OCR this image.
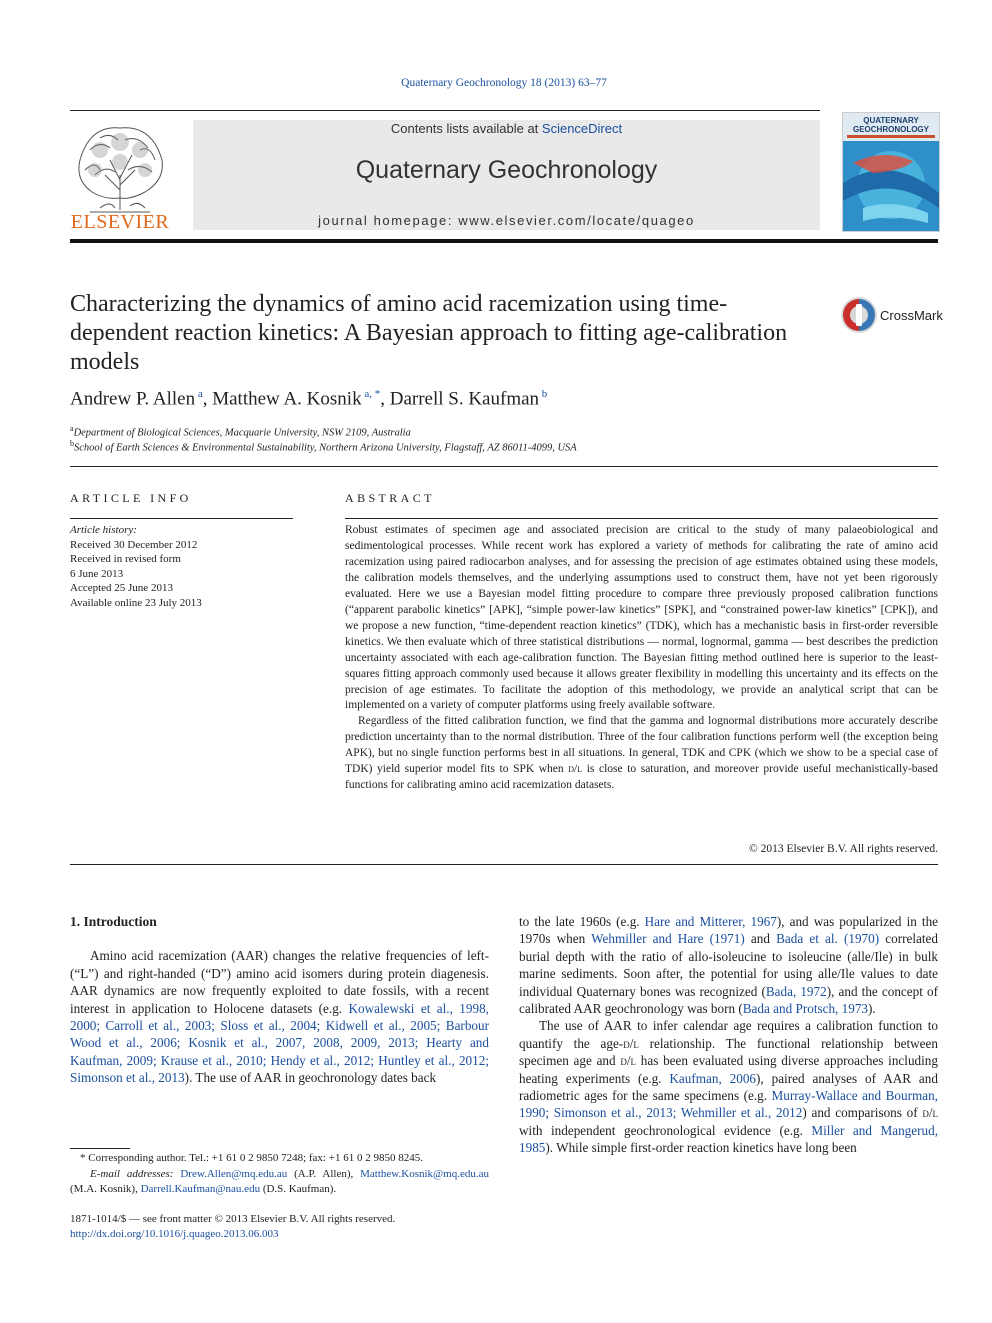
Quaternary Geochronology 18 (2013) 63–77
ELSEVIER
Contents lists available at ScienceDirect
Quaternary Geochronology
journal homepage: www.elsevier.com/locate/quageo
QUATERNARY
GEOCHRONOLOGY
Characterizing the dynamics of amino acid racemization using time-dependent reaction kinetics: A Bayesian approach to fitting age-calibration models
CrossMark
Andrew P. Allen $^a$, Matthew A. Kosnik $^{a, *}$, Darrell S. Kaufman $^b$
$^a$Department of Biological Sciences, Macquarie University, NSW 2109, Australia
$^b$School of Earth Sciences & Environmental Sustainability, Northern Arizona University, Flagstaff, AZ 86011-4099, USA
ARTICLE INFO	ABSTRACT
Article history:
Received 30 December 2012
Received in revised form
6 June 2013
Accepted 25 June 2013
Available online 23 July 2013

Robust estimates of specimen age and associated precision are critical to the study of many palaeobiological and sedimentological processes. While recent work has explored a variety of methods for calibrating the rate of amino acid racemization using paired radiocarbon analyses, and for assessing the precision of age estimates obtained using these models, the calibration models themselves, and the underlying assumptions used to construct them, have not yet been rigorously evaluated. Here we use a Bayesian model fitting procedure to compare three previously proposed calibration functions (“apparent parabolic kinetics” [APK], “simple power-law kinetics” [SPK], and “constrained power-law kinetics” [CPK]), and we propose a new function, “time-dependent reaction kinetics” (TDK), which has a mechanistic basis in first-order reversible kinetics. We then evaluate which of three statistical distributions — normal, lognormal, gamma — best describes the prediction uncertainty associated with each age-calibration function. The Bayesian fitting method outlined here is superior to the least-squares fitting approach commonly used because it allows greater flexibility in modelling this uncertainty and its effects on the precision of age estimates. To facilitate the adoption of this methodology, we provide an analytical script that can be implemented on a variety of computer platforms using freely available software.

Regardless of the fitted calibration function, we find that the gamma and lognormal distributions more accurately describe prediction uncertainty than to the normal distribution. Three of the four calibration functions perform well (the exception being APK), but no single function performs best in all situations. In general, TDK and CPK (which we show to be a special case of TDK) yield superior model fits to SPK when d/l is close to saturation, and moreover provide useful mechanistically-based functions for calibrating amino acid racemization datasets.

© 2013 Elsevier B.V. All rights reserved.

1. Introduction

Amino acid racemization (AAR) changes the relative frequencies of left- (“L”) and right-handed (“D”) amino acid isomers during protein diagenesis. AAR dynamics are now frequently exploited to date fossils, with a recent interest in application to Holocene datasets (e.g. Kowalewski et al., 1998, 2000; Carroll et al., 2003; Sloss et al., 2004; Kidwell et al., 2005; Barbour Wood et al., 2006; Kosnik et al., 2007, 2008, 2009, 2013; Hearty and Kaufman, 2009; Krause et al., 2010; Hendy et al., 2012; Huntley et al., 2012; Simonson et al., 2013). The use of AAR in geochronology dates back

to the late 1960s (e.g. Hare and Mitterer, 1967), and was popularized in the 1970s when Wehmiller and Hare (1971) and Bada et al. (1970) correlated burial depth with the ratio of allo-isoleucine to isoleucine (alle/Ile) in bulk marine sediments. Soon after, the potential for using alle/Ile values to date individual Quaternary bones was recognized (Bada, 1972), and the concept of calibrated AAR geochronology was born (Bada and Protsch, 1973).

The use of AAR to infer calendar age requires a calibration function to quantify the age-d/l relationship. The functional relationship between specimen age and d/l has been evaluated using diverse approaches including heating experiments (e.g. Kaufman, 2006), paired analyses of AAR and radiometric ages for the same specimens (e.g. Murray-Wallace and Bourman, 1990; Simonson et al., 2013; Wehmiller et al., 2012) and comparisons of d/l with independent geochronological evidence (e.g. Miller and Mangerud, 1985). While simple first-order reaction kinetics have long been

* Corresponding author. Tel.: +1 61 0 2 9850 7248; fax: +1 61 0 2 9850 8245.
E-mail addresses: Drew.Allen@mq.edu.au (A.P. Allen), Matthew.Kosnik@mq.edu.au (M.A. Kosnik), Darrell.Kaufman@nau.edu (D.S. Kaufman).
1871-1014/$ — see front matter © 2013 Elsevier B.V. All rights reserved.
http://dx.doi.org/10.1016/j.quageo.2013.06.003
